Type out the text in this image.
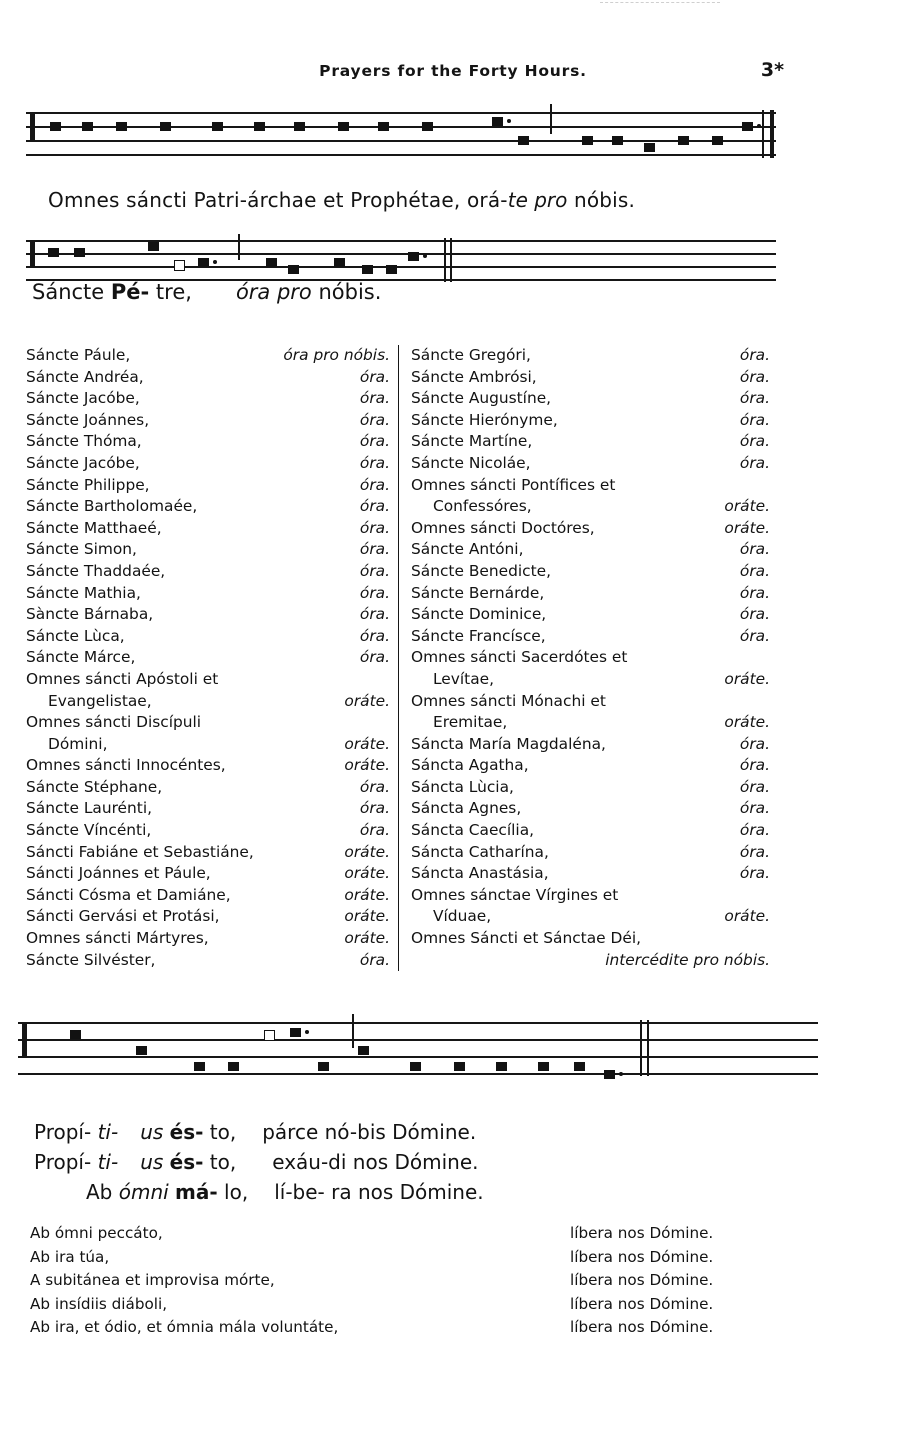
Prayers for the Forty Hours.	3*
Omnes sáncti Patri-árchae et Prophétae, orá-te pro nóbis.
Sáncte Pé- tre, óra pro nóbis.
Sáncte Páule,	óra pro nóbis.
Sáncte Andréa,	óra.
Sáncte Jacóbe,	óra.
Sáncte Joánnes,	óra.
Sáncte Thóma,	óra.
Sáncte Jacóbe,	óra.
Sáncte Philippe,	óra.
Sáncte Bartholomaée,	óra.
Sáncte Matthaeé,	óra.
Sáncte Simon,	óra.
Sáncte Thaddaée,	óra.
Sáncte Mathia,	óra.
Sàncte Bárnaba,	óra.
Sáncte Lùca,	óra.
Sáncte Márce,	óra.
Omnes sáncti Apóstoli et
Evangelistae,	oráte.
Omnes sáncti Discípuli
Dómini,	oráte.
Omnes sáncti Innocéntes,	oráte.
Sáncte Stéphane,	óra.
Sáncte Laurénti,	óra.
Sáncte Víncénti,	óra.
Sáncti Fabiáne et Sebastiáne,	oráte.
Sáncti Joánnes et Páule,	oráte.
Sáncti Cósma et Damiáne,	oráte.
Sáncti Gervási et Protási,	oráte.
Omnes sáncti Mártyres,	oráte.
Sáncte Silvéster,	óra.
Sáncte Gregóri,	óra.
Sáncte Ambrósi,	óra.
Sáncte Augustíne,	óra.
Sáncte Hierónyme,	óra.
Sáncte Martíne,	óra.
Sáncte Nicoláe,	óra.
Omnes sáncti Pontífices et
Confessóres,	oráte.
Omnes sáncti Doctóres,	oráte.
Sáncte Antóni,	óra.
Sáncte Benedicte,	óra.
Sáncte Bernárde,	óra.
Sáncte Dominice,	óra.
Sáncte Francísce,	óra.
Omnes sáncti Sacerdótes et
Levítae,	oráte.
Omnes sáncti Mónachi et
Eremitae,	oráte.
Sáncta María Magdaléna,	óra.
Sáncta Agatha,	óra.
Sáncta Lùcia,	óra.
Sáncta Agnes,	óra.
Sáncta Caecília,	óra.
Sáncta Catharína,	óra.
Sáncta Anastásia,	óra.
Omnes sánctae Vírgines et
Víduae,	oráte.
Omnes Sáncti et Sánctae Déi,
intercédite pro nóbis.
Propí- ti- us és- to, párce nó-bis Dómine.
Propí- ti- us és- to, exáu-di nos Dómine.
Ab ómni má- lo, lí-be- ra nos Dómine.
Ab ómni peccáto,	líbera nos Dómine.
Ab ira túa,	líbera nos Dómine.
A subitánea et improvisa mórte,	líbera nos Dómine.
Ab insídiis diáboli,	líbera nos Dómine.
Ab ira, et ódio, et ómnia mála voluntáte,	líbera nos Dómine.
